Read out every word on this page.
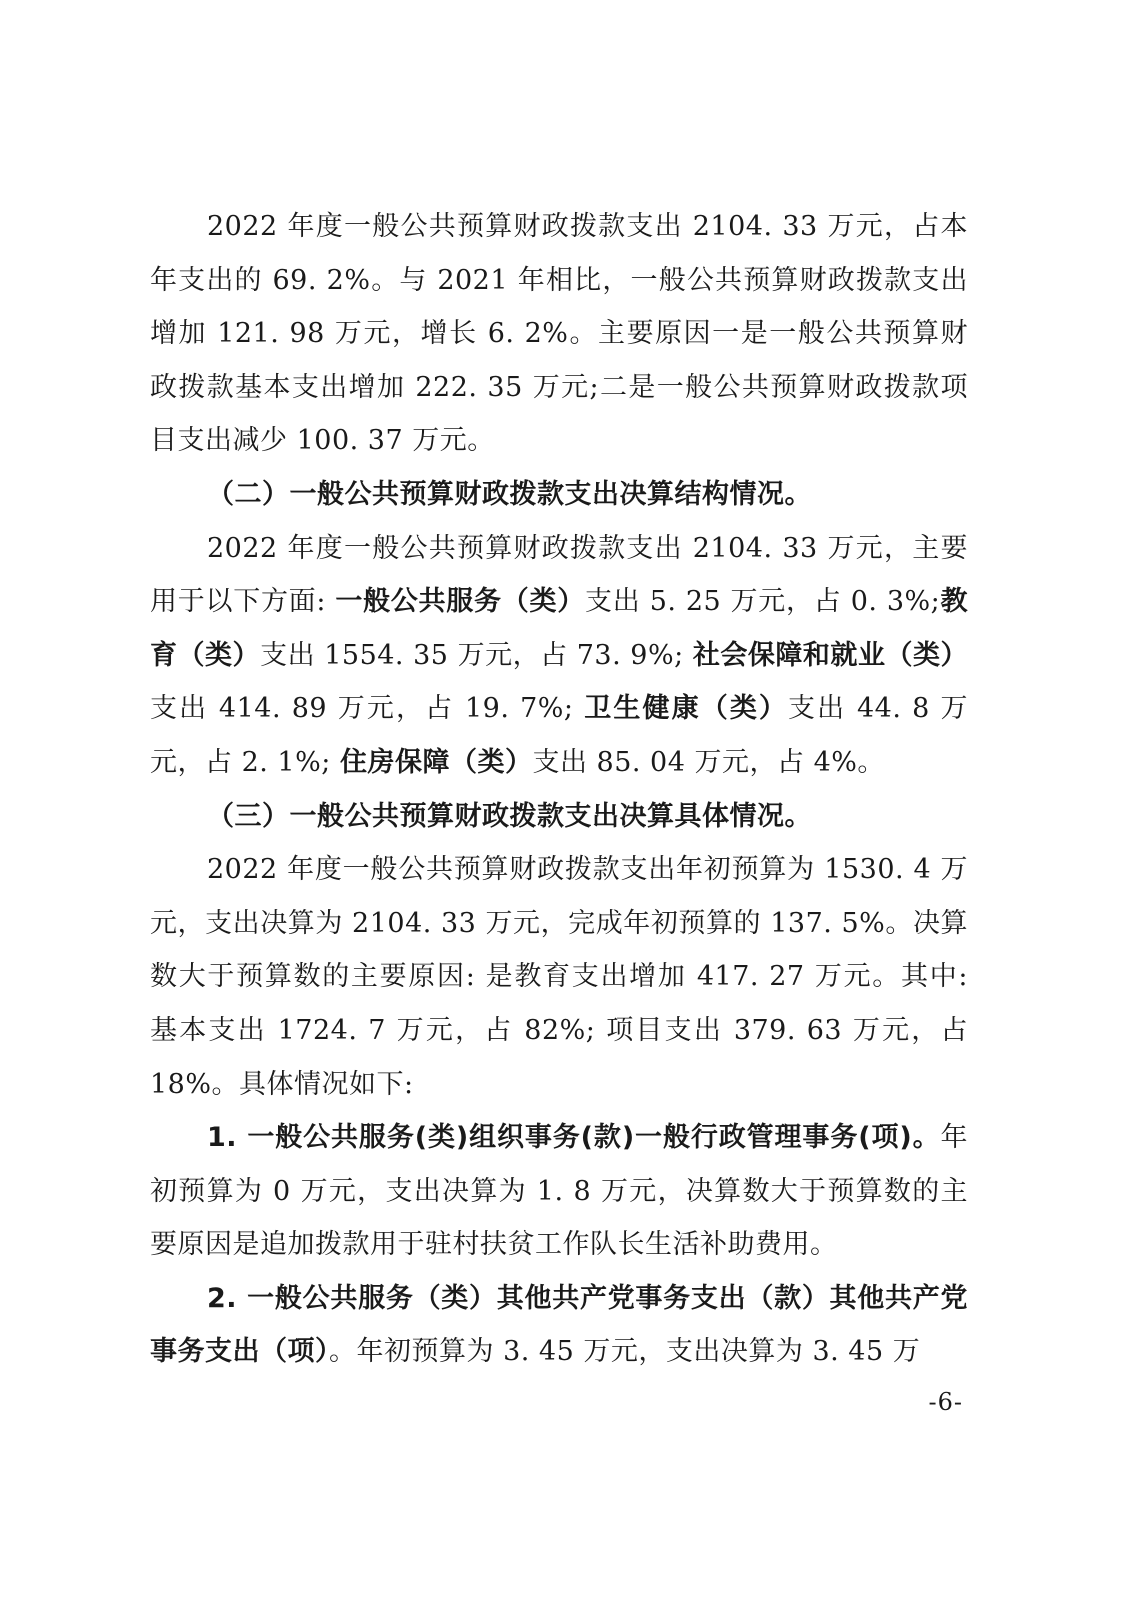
2022 年度一般公共预算财政拨款支出 2104. 33 万元，占本年支出的 69. 2%。与 2021 年相比，一般公共预算财政拨款支出增加 121. 98 万元，增长 6. 2%。主要原因一是一般公共预算财政拨款基本支出增加 222. 35 万元;二是一般公共预算财政拨款项目支出减少 100. 37 万元。

（二）一般公共预算财政拨款支出决算结构情况。

2022 年度一般公共预算财政拨款支出 2104. 33 万元，主要用于以下方面: 一般公共服务（类）支出 5. 25 万元，占 0. 3%;教育（类）支出 1554. 35 万元，占 73. 9%; 社会保障和就业（类）支出 414. 89 万元，占 19. 7%; 卫生健康（类）支出 44. 8 万元，占 2. 1%; 住房保障（类）支出 85. 04 万元，占 4%。

（三）一般公共预算财政拨款支出决算具体情况。

2022 年度一般公共预算财政拨款支出年初预算为 1530. 4 万元，支出决算为 2104. 33 万元，完成年初预算的 137. 5%。决算数大于预算数的主要原因: 是教育支出增加 417. 27 万元。其中: 基本支出 1724. 7 万元，占 82%; 项目支出 379. 63 万元，占 18%。具体情况如下:

1. 一般公共服务(类)组织事务(款)一般行政管理事务(项)。年初预算为 0 万元，支出决算为 1. 8 万元，决算数大于预算数的主要原因是追加拨款用于驻村扶贫工作队长生活补助费用。

2. 一般公共服务（类）其他共产党事务支出（款）其他共产党事务支出（项）。年初预算为 3. 45 万元，支出决算为 3. 45 万

-6-
